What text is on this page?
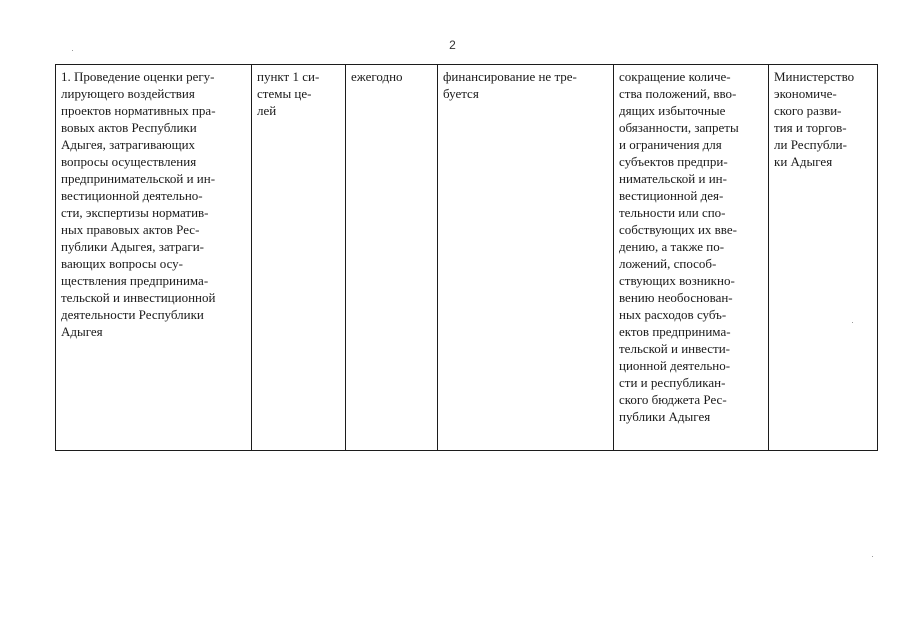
2
1. Проведение оценки регу-
лирующего воздействия
проектов нормативных пра-
вовых актов Республики
Адыгея, затрагивающих
вопросы осуществления
предпринимательской и ин-
вестиционной деятельно-
сти, экспертизы норматив-
ных правовых актов Рес-
публики Адыгея, затраги-
вающих вопросы осу-
ществления предпринима-
тельской и инвестиционной
деятельности Республики
Адыгея	пункт 1 си-
стемы це-
лей	ежегодно	финансирование не тре-
буется	сокращение количе-
ства положений, вво-
дящих избыточные
обязанности, запреты
и ограничения для
субъектов предпри-
нимательской и ин-
вестиционной дея-
тельности или спо-
собствующих их вве-
дению, а также по-
ложений, способ-
ствующих возникно-
вению необоснован-
ных расходов субъ-
ектов предпринима-
тельской и инвести-
ционной деятельно-
сти и республикан-
ского бюджета Рес-
публики Адыгея	Министерство
экономиче-
ского разви-
тия и торгов-
ли Республи-
ки Адыгея
